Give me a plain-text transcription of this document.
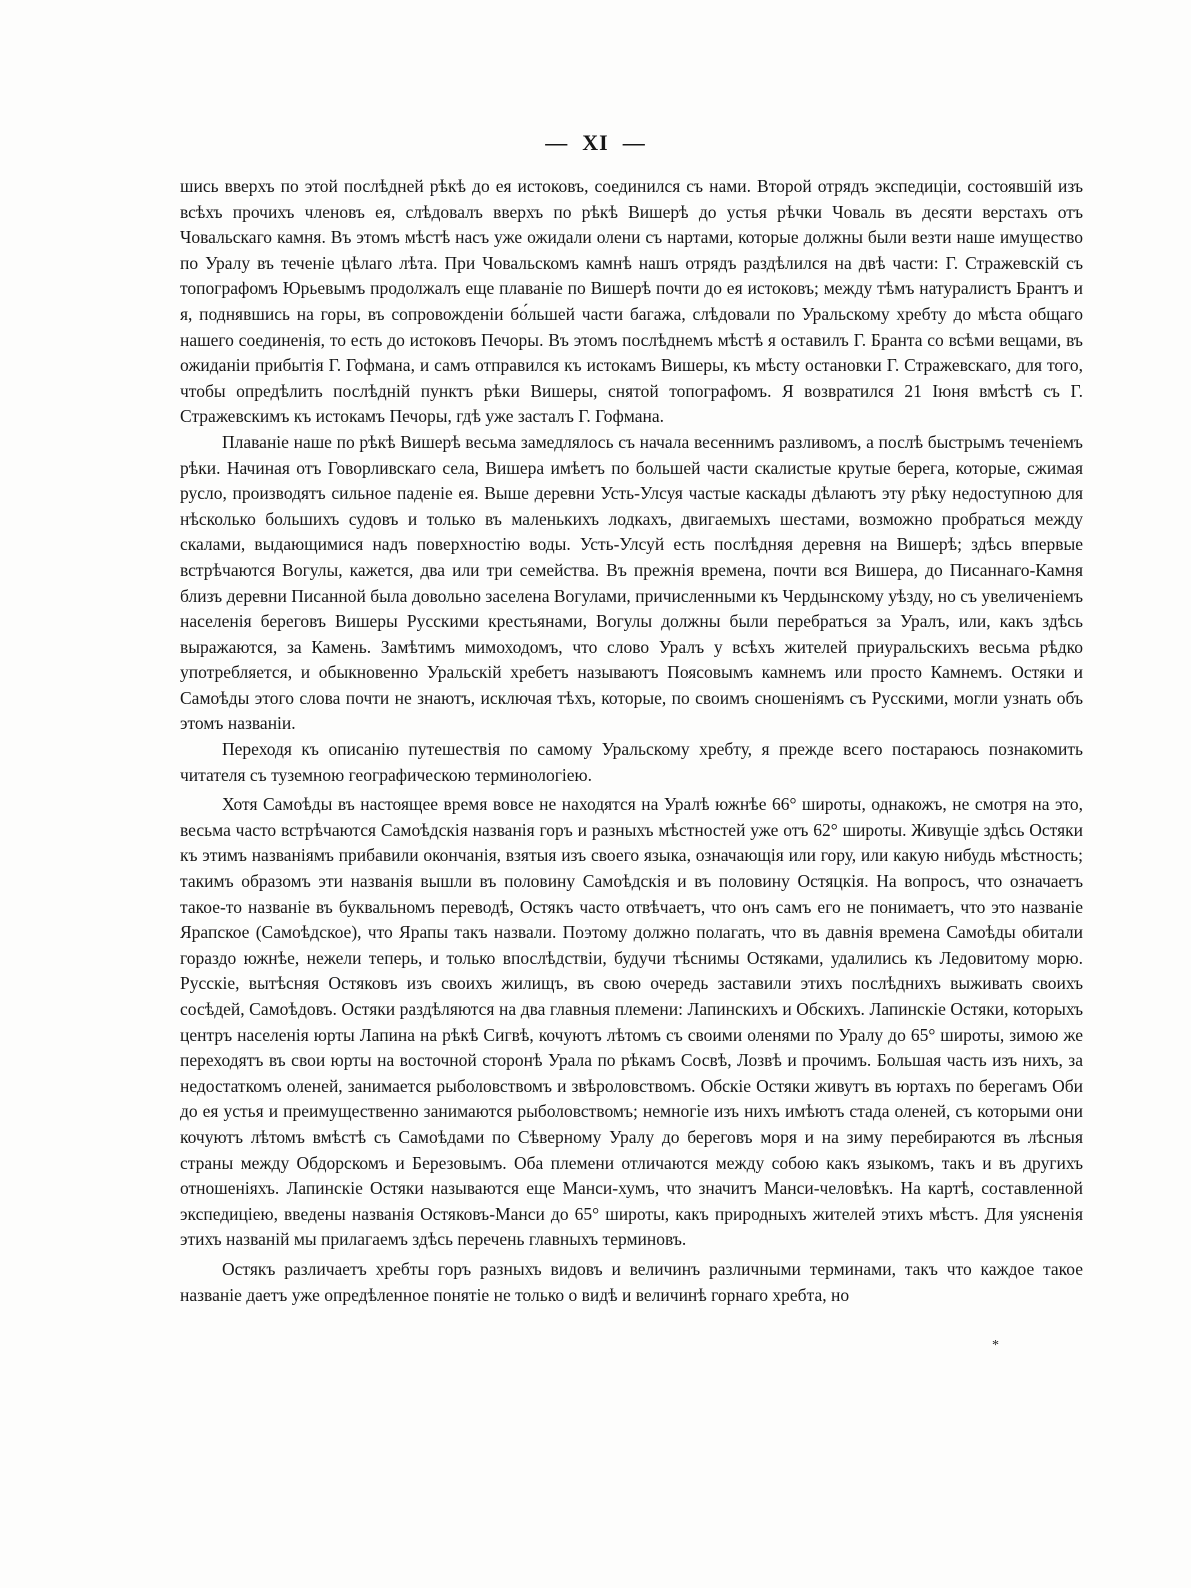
— XI —

шись вверхъ по этой послѣдней рѣкѣ до ея истоковъ, соединился съ нами. Второй отрядъ экспедиціи, состоявшій изъ всѣхъ прочихъ членовъ ея, слѣдовалъ вверхъ по рѣкѣ Вишерѣ до устья рѣчки Човаль въ десяти верстахъ отъ Човальскаго камня. Въ этомъ мѣстѣ насъ уже ожидали олени съ нартами, которые должны были везти наше имущество по Уралу въ теченіе цѣлаго лѣта. При Човальскомъ камнѣ нашъ отрядъ раздѣлился на двѣ части: Г. Стражевскій съ топографомъ Юрьевымъ продолжалъ еще плаваніе по Вишерѣ почти до ея истоковъ; между тѣмъ натуралистъ Брантъ и я, поднявшись на горы, въ сопровожденіи бо́льшей части багажа, слѣдовали по Уральскому хребту до мѣста общаго нашего соединенія, то есть до истоковъ Печоры. Въ этомъ послѣднемъ мѣстѣ я оставилъ Г. Бранта со всѣми вещами, въ ожиданіи прибытія Г. Гофмана, и самъ отправился къ истокамъ Вишеры, къ мѣсту остановки Г. Стражевскаго, для того, чтобы опредѣлить послѣдній пунктъ рѣки Вишеры, снятой топографомъ. Я возвратился 21 Іюня вмѣстѣ съ Г. Стражевскимъ къ истокамъ Печоры, гдѣ уже засталъ Г. Гофмана.

Плаваніе наше по рѣкѣ Вишерѣ весьма замедлялось съ начала весеннимъ разливомъ, а послѣ быстрымъ теченіемъ рѣки. Начиная отъ Говорливскаго села, Вишера имѣетъ по большей части скалистые крутые берега, которые, сжимая русло, производятъ сильное паденіе ея. Выше деревни Усть-Улсуя частые каскады дѣлаютъ эту рѣку недоступною для нѣсколько большихъ судовъ и только въ маленькихъ лодкахъ, двигаемыхъ шестами, возможно пробраться между скалами, выдающимися надъ поверхностію воды. Усть-Улсуй есть послѣдняя деревня на Вишерѣ; здѣсь впервые встрѣчаются Вогулы, кажется, два или три семейства. Въ прежнія времена, почти вся Вишера, до Писаннаго-Камня близъ деревни Писанной была довольно заселена Вогулами, причисленными къ Чердынскому уѣзду, но съ увеличеніемъ населенія береговъ Вишеры Русскими крестьянами, Вогулы должны были перебраться за Уралъ, или, какъ здѣсь выражаются, за Камень. Замѣтимъ мимоходомъ, что слово Уралъ у всѣхъ жителей приуральскихъ весьма рѣдко употребляется, и обыкновенно Уральскій хребетъ называютъ Поясовымъ камнемъ или просто Камнемъ. Остяки и Самоѣды этого слова почти не знаютъ, исключая тѣхъ, которые, по своимъ сношеніямъ съ Русскими, могли узнать объ этомъ названіи.

Переходя къ описанію путешествія по самому Уральскому хребту, я прежде всего постараюсь познакомить читателя съ туземною географическою терминологіею.

Хотя Самоѣды въ настоящее время вовсе не находятся на Уралѣ южнѣе 66° широты, однакожъ, не смотря на это, весьма часто встрѣчаются Самоѣдскія названія горъ и разныхъ мѣстностей уже отъ 62° широты. Живущіе здѣсь Остяки къ этимъ названіямъ прибавили окончанія, взятыя изъ своего языка, означающія или гору, или какую нибудь мѣстность; такимъ образомъ эти названія вышли въ половину Самоѣдскія и въ половину Остяцкія. На вопросъ, что означаетъ такое-то названіе въ буквальномъ переводѣ, Остякъ часто отвѣчаетъ, что онъ самъ его не понимаетъ, что это названіе Ярапское (Самоѣдское), что Ярапы такъ назвали. Поэтому должно полагать, что въ давнія времена Самоѣды обитали гораздо южнѣе, нежели теперь, и только впослѣдствіи, будучи тѣснимы Остяками, удалились къ Ледовитому морю. Русскіе, вытѣсняя Остяковъ изъ своихъ жилищъ, въ свою очередь заставили этихъ послѣднихъ выживать своихъ сосѣдей, Самоѣдовъ. Остяки раздѣляются на два главныя племени: Лапинскихъ и Обскихъ. Лапинскіе Остяки, которыхъ центръ населенія юрты Лапина на рѣкѣ Сигвѣ, кочуютъ лѣтомъ съ своими оленями по Уралу до 65° широты, зимою же переходятъ въ свои юрты на восточной сторонѣ Урала по рѣкамъ Сосвѣ, Лозвѣ и прочимъ. Большая часть изъ нихъ, за недостаткомъ оленей, занимается рыболовствомъ и звѣроловствомъ. Обскіе Остяки живутъ въ юртахъ по берегамъ Оби до ея устья и преимущественно занимаются рыболовствомъ; немногіе изъ нихъ имѣютъ стада оленей, съ которыми они кочуютъ лѣтомъ вмѣстѣ съ Самоѣдами по Сѣверному Уралу до береговъ моря и на зиму перебираются въ лѣсныя страны между Обдорскомъ и Березовымъ. Оба племени отличаются между собою какъ языкомъ, такъ и въ другихъ отношеніяхъ. Лапинскіе Остяки называются еще Манси-хумъ, что значитъ Манси-человѣкъ. На картѣ, составленной экспедиціею, введены названія Остяковъ-Манси до 65° широты, какъ природныхъ жителей этихъ мѣстъ. Для уясненія этихъ названій мы прилагаемъ здѣсь перечень главныхъ терминовъ.

Остякъ различаетъ хребты горъ разныхъ видовъ и величинъ различными терминами, такъ что каждое такое названіе даетъ уже опредѣленное понятіе не только о видѣ и величинѣ горнаго хребта, но

*
